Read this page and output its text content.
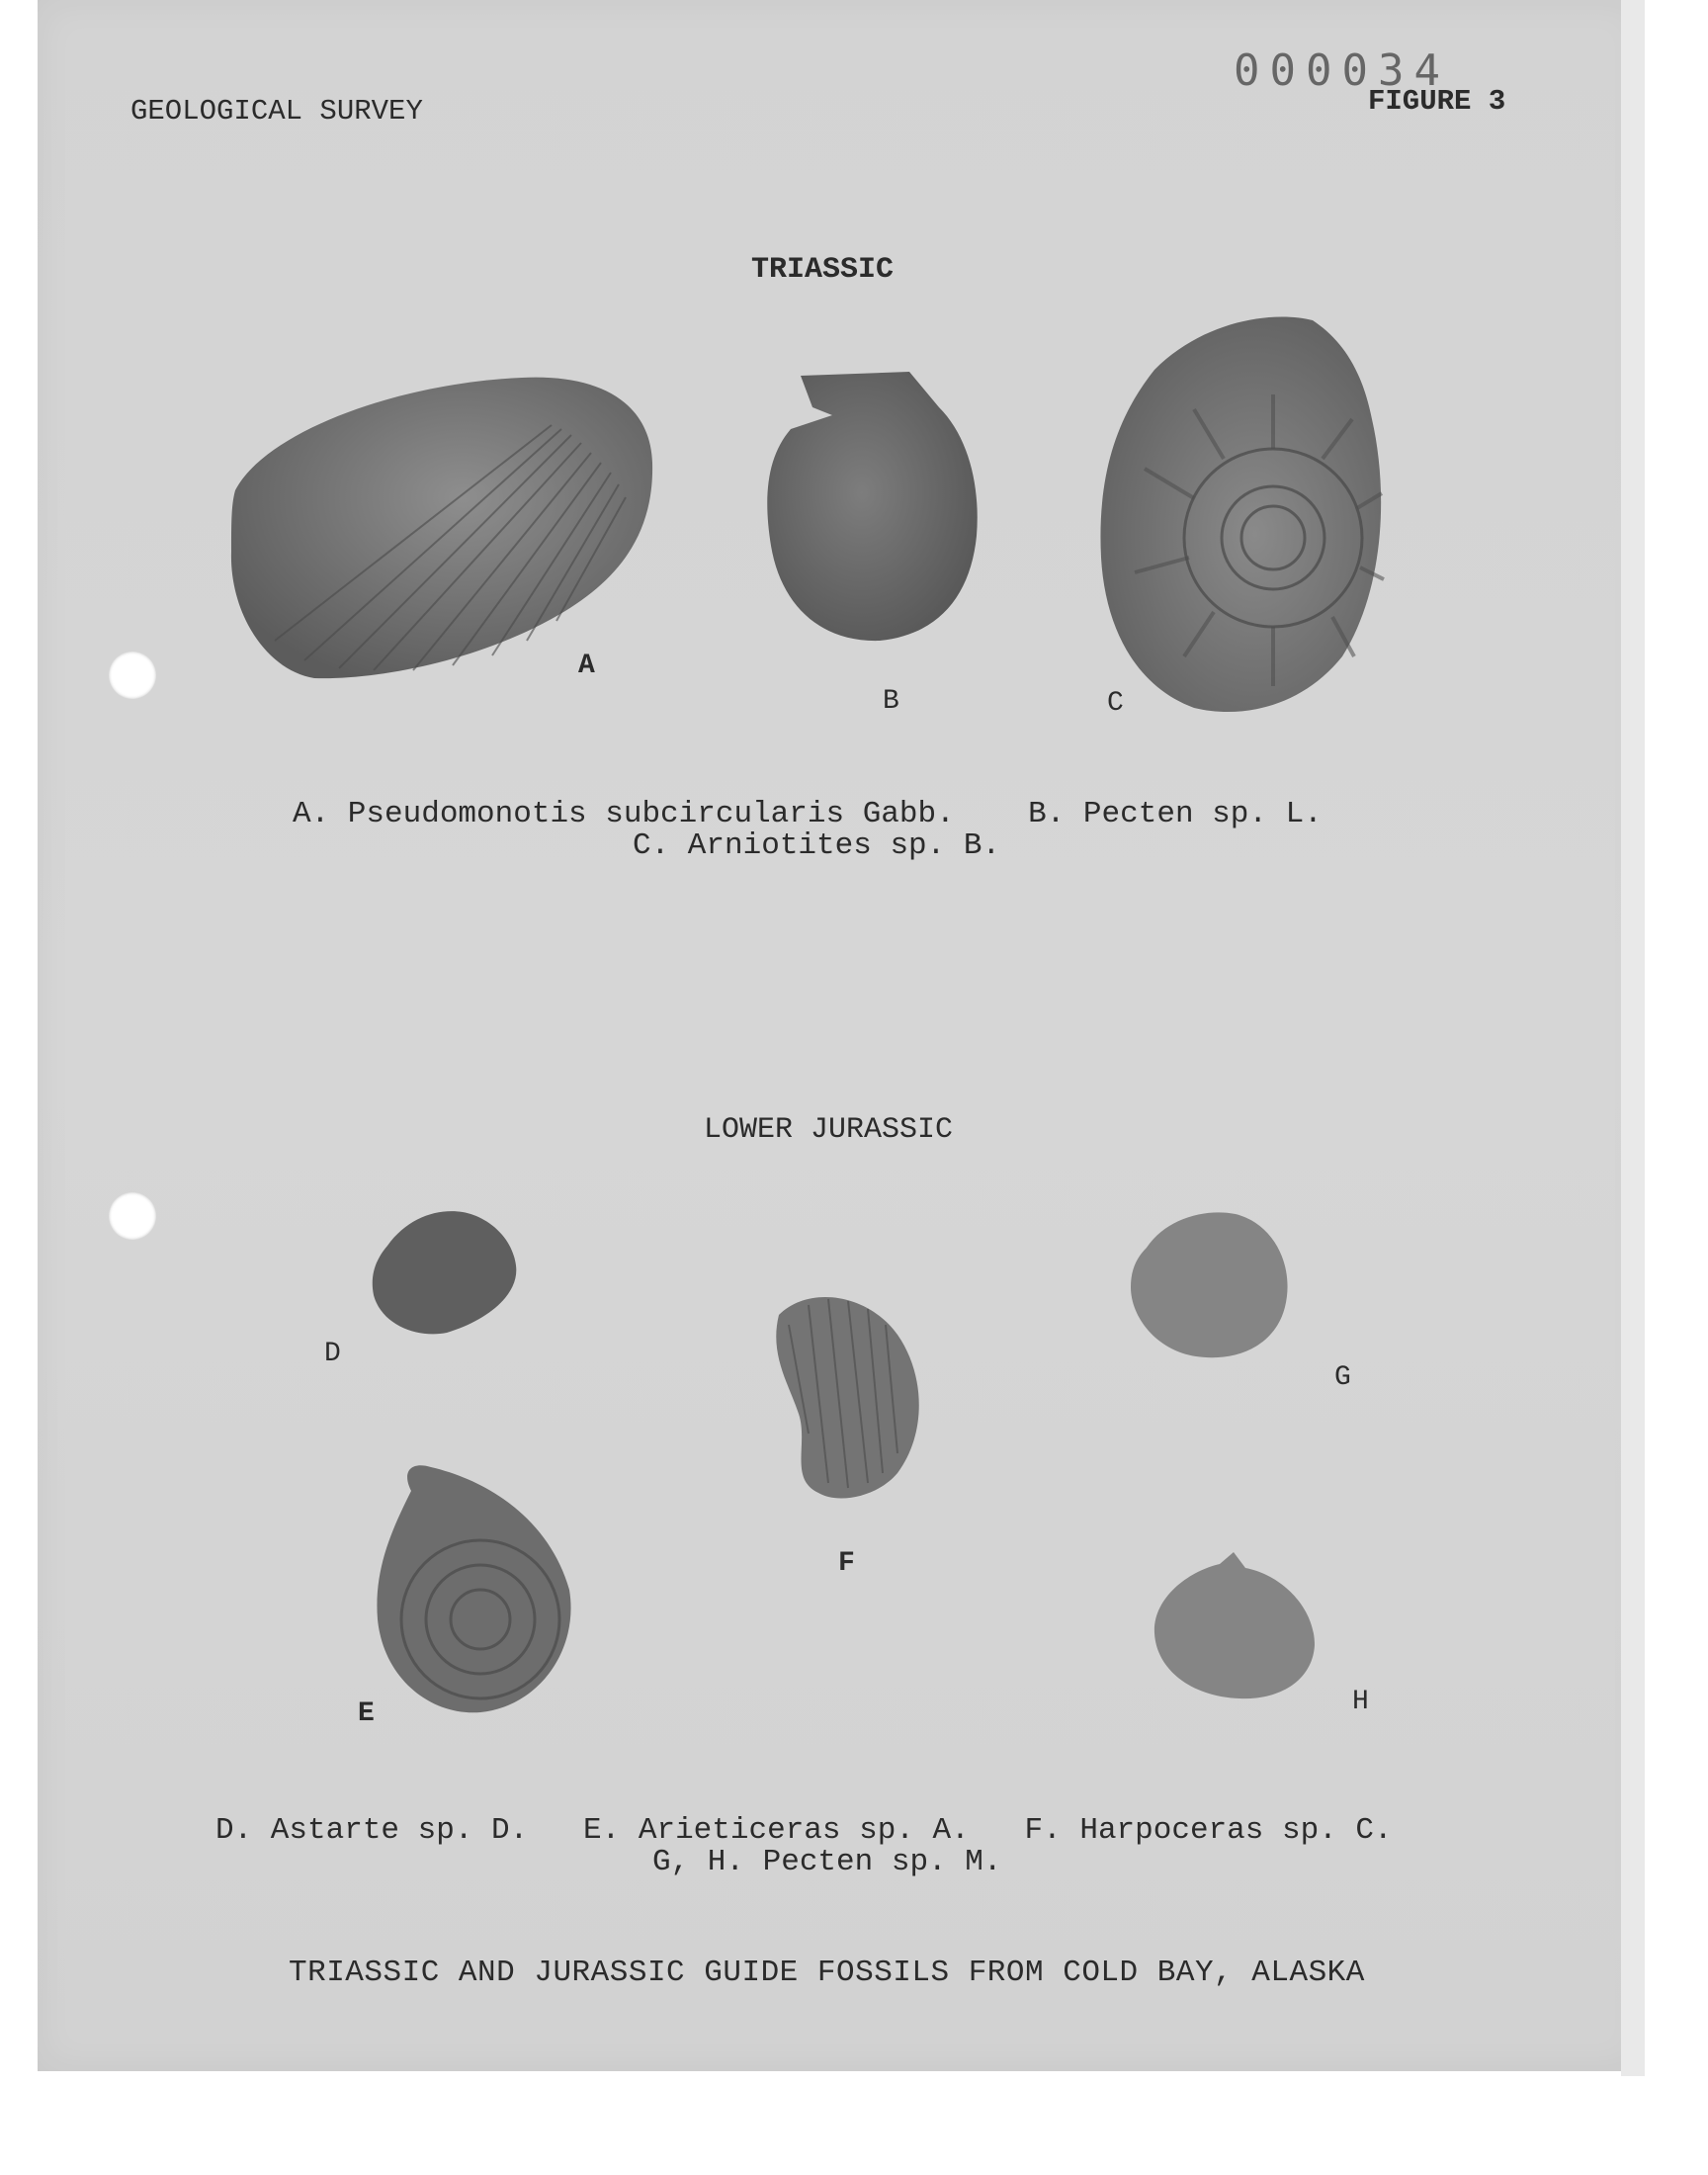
GEOLOGICAL SURVEY
000034
FIGURE 3
TRIASSIC
A
B	C
A. Pseudomonotis subcircularis Gabb.    B. Pecten sp. L.
C. Arniotites sp. B.
LOWER JURASSIC
D
E
F
G
H
D. Astarte sp. D.   E. Arieticeras sp. A.   F. Harpoceras sp. C.
G, H. Pecten sp. M.
TRIASSIC AND JURASSIC GUIDE FOSSILS FROM COLD BAY, ALASKA
